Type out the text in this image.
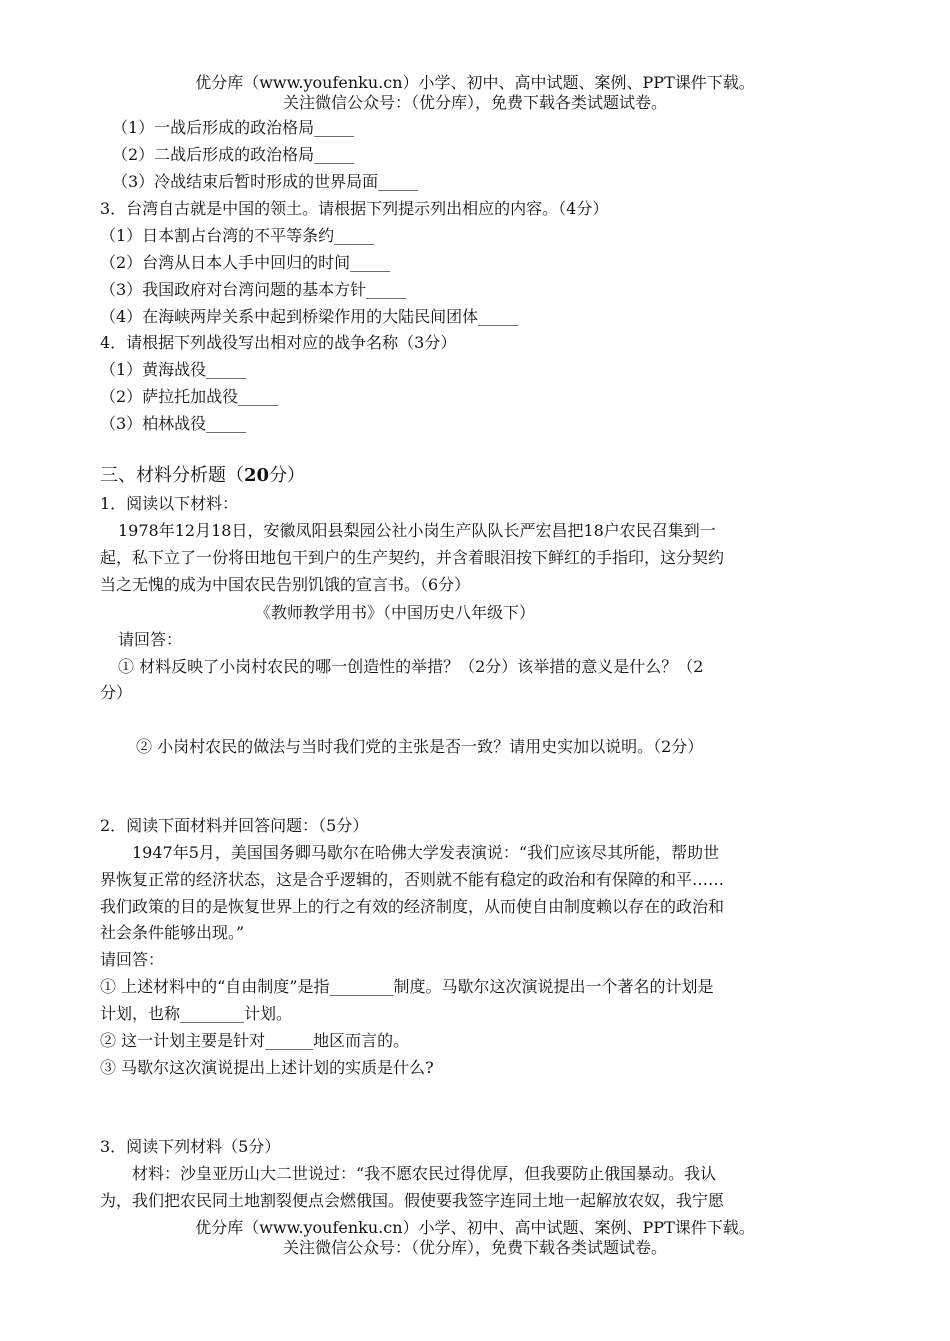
优分库（www.youfenku.cn）小学、初中、高中试题、案例、PPT课件下载。
关注微信公众号：（优分库），免费下载各类试题试卷。
（1）一战后形成的政治格局_____
（2）二战后形成的政治格局_____
（3）冷战结束后暂时形成的世界局面_____
3．台湾自古就是中国的领土。请根据下列提示列出相应的内容。（4分）
（1）日本割占台湾的不平等条约_____
（2）台湾从日本人手中回归的时间_____
（3）我国政府对台湾问题的基本方针_____
（4）在海峡两岸关系中起到桥梁作用的大陆民间团体_____
4．请根据下列战役写出相对应的战争名称（3分）
（1）黄海战役_____
（2）萨拉托加战役_____
（3）柏林战役_____
三、材料分析题（20分）
1．阅读以下材料：
1978年12月18日，安徽凤阳县梨园公社小岗生产队队长严宏昌把18户农民召集到一
起，私下立了一份将田地包干到户的生产契约，并含着眼泪按下鲜红的手指印，这分契约
当之无愧的成为中国农民告别饥饿的宣言书。（6分）
《教师教学用书》（中国历史八年级下）
请回答：
① 材料反映了小岗村农民的哪一创造性的举措？（2分）该举措的意义是什么？（2
分）
② 小岗村农民的做法与当时我们党的主张是否一致？请用史实加以说明。（2分）
2．阅读下面材料并回答问题：（5分）
1947年5月，美国国务卿马歇尔在哈佛大学发表演说：“我们应该尽其所能，帮助世
界恢复正常的经济状态，这是合乎逻辑的，否则就不能有稳定的政治和有保障的和平……
我们政策的目的是恢复世界上的行之有效的经济制度，从而使自由制度赖以存在的政治和
社会条件能够出现。”
请回答：
① 上述材料中的“自由制度”是指________制度。马歇尔这次演说提出一个著名的计划是
计划，也称________计划。
② 这一计划主要是针对______地区而言的。
③ 马歇尔这次演说提出上述计划的实质是什么?
3．阅读下列材料（5分）
材料：沙皇亚历山大二世说过：“我不愿农民过得优厚，但我要防止俄国暴动。我认
为，我们把农民同土地割裂便点会燃俄国。假使要我签字连同土地一起解放农奴，我宁愿
优分库（www.youfenku.cn）小学、初中、高中试题、案例、PPT课件下载。
关注微信公众号：（优分库），免费下载各类试题试卷。
